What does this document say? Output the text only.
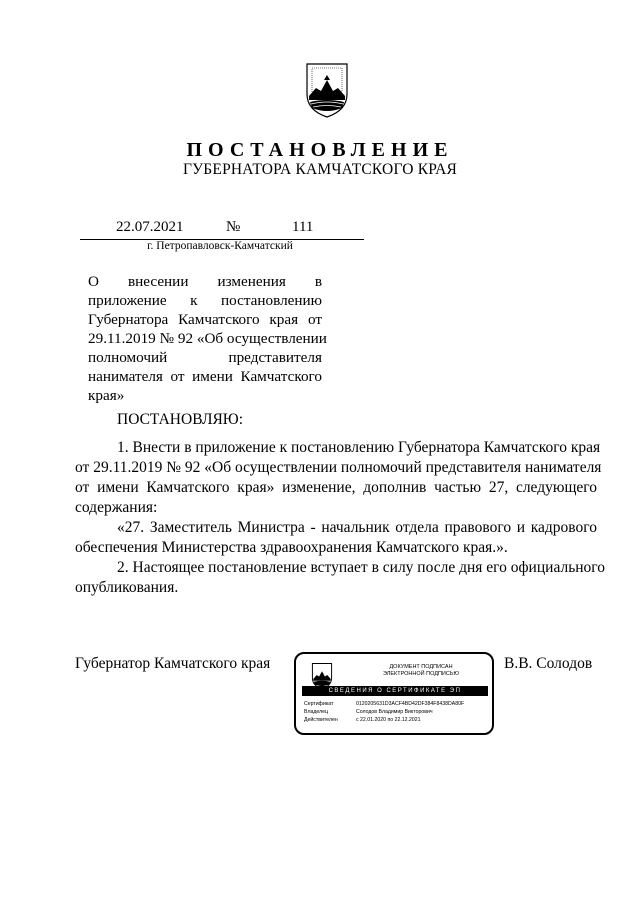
ПОСТАНОВЛЕНИЕ
ГУБЕРНАТОРА КАМЧАТСКОГО КРАЯ
22.07.2021	№	111
г. Петропавловск-Камчатский
О внесении изменения в
приложение к постановлению
Губернатора Камчатского края от
29.11.2019 № 92 «Об осуществлении
полномочий представителя
нанимателя от имени Камчатского
края»
ПОСТАНОВЛЯЮ:
1. Внести в приложение к постановлению Губернатора Камчатского края
от 29.11.2019 № 92 «Об осуществлении полномочий представителя нанимателя
от имени Камчатского края» изменение, дополнив частью 27, следующего
содержания:
«27. Заместитель Министра - начальник отдела правового и кадрового
обеспечения Министерства здравоохранения Камчатского края.».
2. Настоящее постановление вступает в силу после дня его официального
опубликования.
Губернатор Камчатского края	В.В. Солодов
ДОКУМЕНТ ПОДПИСАН
ЭЛЕКТРОННОЙ ПОДПИСЬЮ
СВЕДЕНИЯ О СЕРТИФИКАТЕ ЭП
Сертификат	0120205631D3ACF4BD42DF384F8438DA80F
Владелец	Солодов Владимир Викторович
Действителен	с 22.01.2020 по 22.12.2021
